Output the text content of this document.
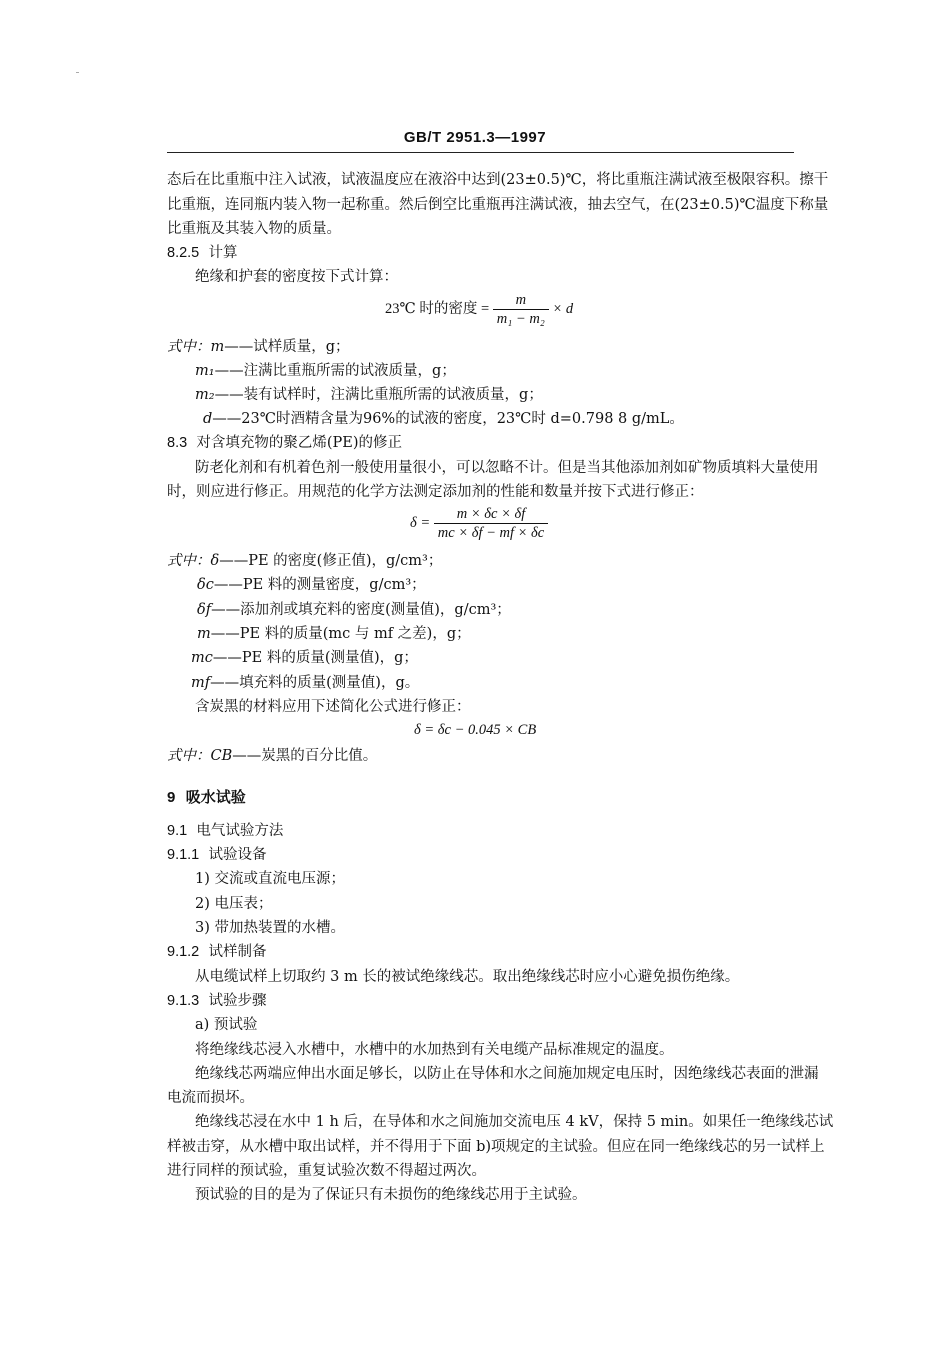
GB/T 2951.3—1997
态后在比重瓶中注入试液，试液温度应在液浴中达到(23±0.5)℃，将比重瓶注满试液至极限容积。擦干
比重瓶，连同瓶内装入物一起称重。然后倒空比重瓶再注满试液，抽去空气，在(23±0.5)℃温度下称量
比重瓶及其装入物的质量。
8.2.5 计算
绝缘和护套的密度按下式计算：
23℃ 时的密度 = $\frac{m}{\text{m₁ − m₂}} \times d$
式中：m——试样质量，g；
m₁——注满比重瓶所需的试液质量，g；
m₂——装有试样时，注满比重瓶所需的试液质量，g；
d——23℃时酒精含量为96%的试液的密度，23℃时 d=0.798 8 g/mL。
8.3 对含填充物的聚乙烯(PE)的修正
防老化剂和有机着色剂一般使用量很小，可以忽略不计。但是当其他添加剂如矿物质填料大量使用
时，则应进行修正。用规范的化学方法测定添加剂的性能和数量并按下式进行修正：
$\delta = \frac{m \times \delta c \times \delta f}{mc \times \delta f - mf \times \delta c}$
式中：δ——PE 的密度(修正值)，g/cm³；
δc——PE 料的测量密度，g/cm³；
δf——添加剂或填充料的密度(测量值)，g/cm³；
m——PE 料的质量(mc 与 mf 之差)，g；
mc——PE 料的质量(测量值)，g；
mf——填充料的质量(测量值)，g。
含炭黑的材料应用下述简化公式进行修正：
δ = δc − 0.045 × CB
式中：CB——炭黑的百分比值。
9 吸水试验
9.1 电气试验方法
9.1.1 试验设备
1) 交流或直流电压源；
2) 电压表；
3) 带加热装置的水槽。
9.1.2 试样制备
从电缆试样上切取约 3 m 长的被试绝缘线芯。取出绝缘线芯时应小心避免损伤绝缘。
9.1.3 试验步骤
a) 预试验
将绝缘线芯浸入水槽中，水槽中的水加热到有关电缆产品标准规定的温度。
绝缘线芯两端应伸出水面足够长，以防止在导体和水之间施加规定电压时，因绝缘线芯表面的泄漏
电流而损坏。
绝缘线芯浸在水中 1 h 后，在导体和水之间施加交流电压 4 kV，保持 5 min。如果任一绝缘线芯试
样被击穿，从水槽中取出试样，并不得用于下面 b)项规定的主试验。但应在同一绝缘线芯的另一试样上
进行同样的预试验，重复试验次数不得超过两次。
预试验的目的是为了保证只有未损伤的绝缘线芯用于主试验。
